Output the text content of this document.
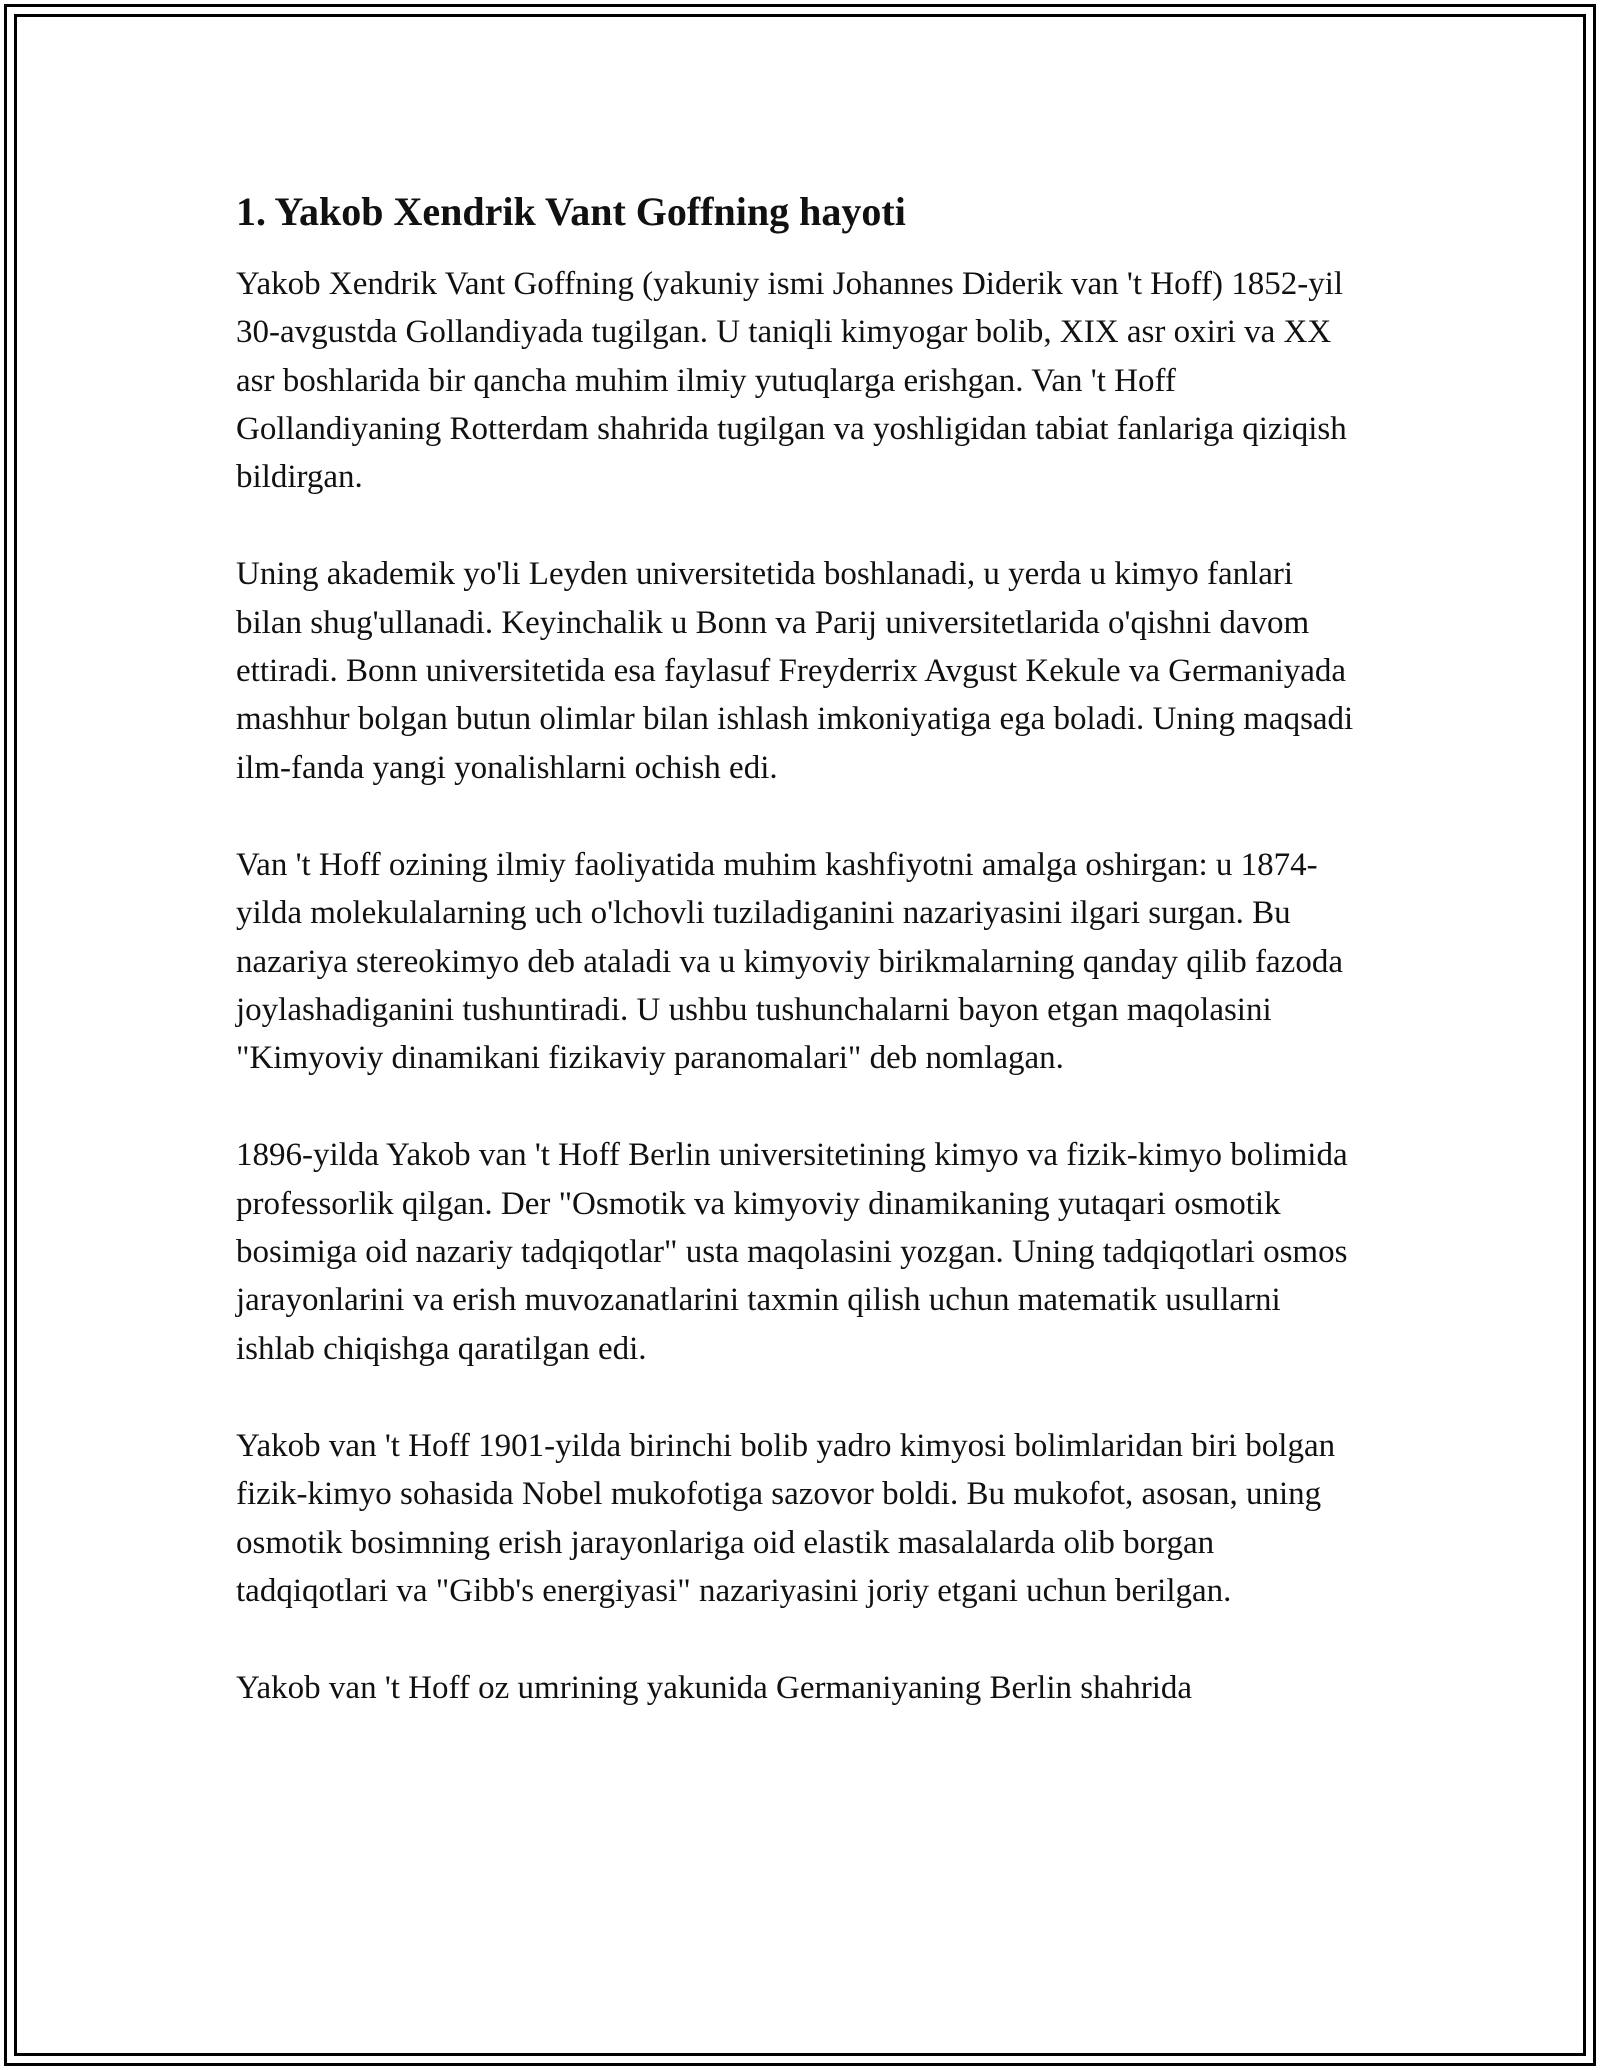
1. Yakob Xendrik Vant Goffning hayoti

Yakob Xendrik Vant Goffning (yakuniy ismi Johannes Diderik van 't Hoff) 1852-yil 30-avgustda Gollandiyada tugilgan. U taniqli kimyogar bolib, XIX asr oxiri va XX asr boshlarida bir qancha muhim ilmiy yutuqlarga erishgan. Van 't Hoff Gollandiyaning Rotterdam shahrida tugilgan va yoshligidan tabiat fanlariga qiziqish bildirgan.

Uning akademik yo'li Leyden universitetida boshlanadi, u yerda u kimyo fanlari bilan shug'ullanadi. Keyinchalik u Bonn va Parij universitetlarida o'qishni davom ettiradi. Bonn universitetida esa faylasuf Freyderrix Avgust Kekule va Germaniyada mashhur bolgan butun olimlar bilan ishlash imkoniyatiga ega boladi. Uning maqsadi ilm-fanda yangi yonalishlarni ochish edi.

Van 't Hoff ozining ilmiy faoliyatida muhim kashfiyotni amalga oshirgan: u 1874-yilda molekulalarning uch o'lchovli tuziladiganini nazariyasini ilgari surgan. Bu nazariya stereokimyo deb ataladi va u kimyoviy birikmalarning qanday qilib fazoda joylashadiganini tushuntiradi. U ushbu tushunchalarni bayon etgan maqolasini "Kimyoviy dinamikani fizikaviy paranomalari" deb nomlagan.

1896-yilda Yakob van 't Hoff Berlin universitetining kimyo va fizik-kimyo bolimida professorlik qilgan. Der "Osmotik va kimyoviy dinamikaning yutaqari osmotik bosimiga oid nazariy tadqiqotlar" usta maqolasini yozgan. Uning tadqiqotlari osmos jarayonlarini va erish muvozanatlarini taxmin qilish uchun matematik usullarni ishlab chiqishga qaratilgan edi.

Yakob van 't Hoff 1901-yilda birinchi bolib yadro kimyosi bolimlaridan biri bolgan fizik-kimyo sohasida Nobel mukofotiga sazovor boldi. Bu mukofot, asosan, uning osmotik bosimning erish jarayonlariga oid elastik masalalarda olib borgan tadqiqotlari va "Gibb's energiyasi" nazariyasini joriy etgani uchun berilgan.

Yakob van 't Hoff oz umrining yakunida Germaniyaning Berlin shahrida
